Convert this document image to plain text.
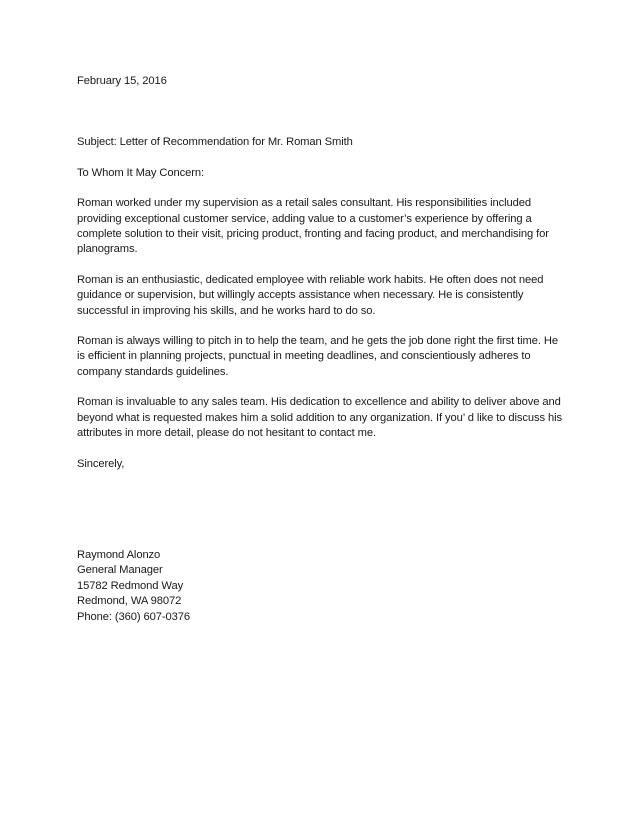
February 15, 2016

Subject: Letter of Recommendation for Mr. Roman Smith

To Whom It May Concern:

Roman worked under my supervision as a retail sales consultant. His responsibilities included providing exceptional customer service, adding value to a customer’s experience by offering a complete solution to their visit, pricing product, fronting and facing product, and merchandising for planograms.

Roman is an enthusiastic, dedicated employee with reliable work habits. He often does not need guidance or supervision, but willingly accepts assistance when necessary. He is consistently successful in improving his skills, and he works hard to do so.

Roman is always willing to pitch in to help the team, and he gets the job done right the first time. He is efficient in planning projects, punctual in meeting deadlines, and conscientiously adheres to company standards guidelines.

Roman is invaluable to any sales team. His dedication to excellence and ability to deliver above and beyond what is requested makes him a solid addition to any organization. If you’ d like to discuss his attributes in more detail, please do not hesitant to contact me.

Sincerely,

Raymond Alonzo
General Manager
15782 Redmond Way
Redmond, WA 98072
Phone: (360) 607-0376
